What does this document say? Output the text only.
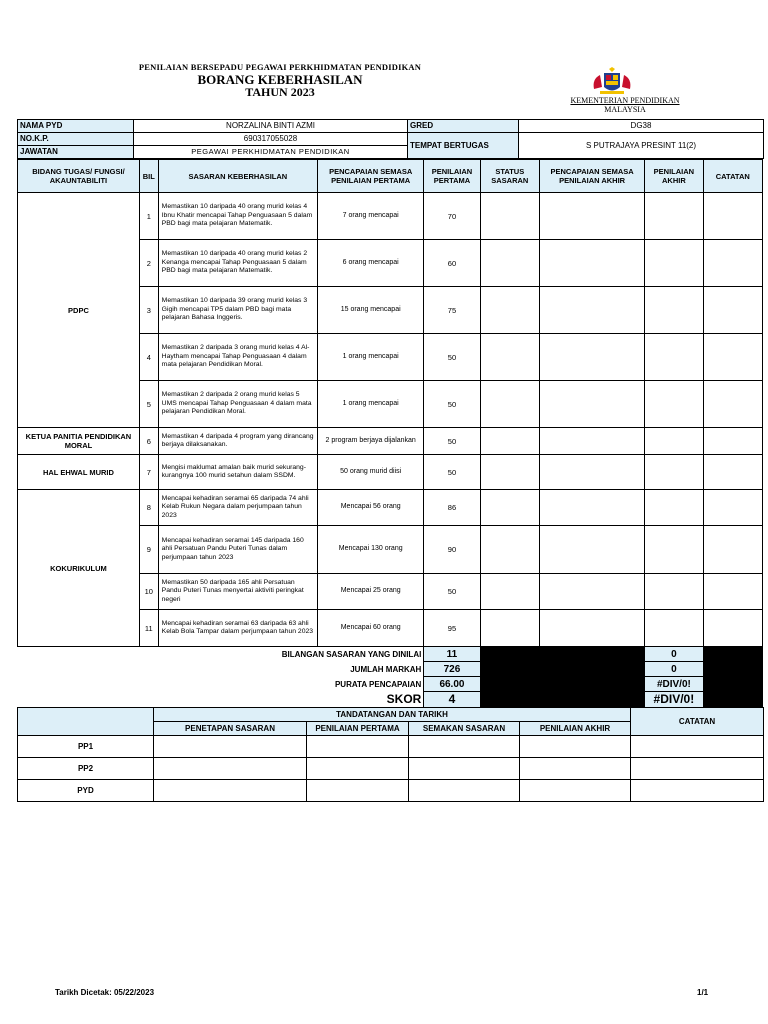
PENILAIAN BERSEPADU PEGAWAI PERKHIDMATAN PENDIDIKAN
BORANG KEBERHASILAN
TAHUN 2023
KEMENTERIAN PENDIDIKAN
MALAYSIA
NAMA PYD	NORZALINA BINTI AZMI	GRED	DG38
NO.K.P.	690317055028	TEMPAT BERTUGAS	S PUTRAJAYA PRESINT 11(2)
JAWATAN	PEGAWAI PERKHIDMATAN PENDIDIKAN		
BIDANG TUGAS/ FUNGSI/ AKAUNTABILITI	BIL	SASARAN KEBERHASILAN	PENCAPAIAN SEMASA PENILAIAN PERTAMA	PENILAIAN PERTAMA	STATUS SASARAN	PENCAPAIAN SEMASA PENILAIAN AKHIR	PENILAIAN AKHIR	CATATAN
PDPC	1	Memastikan 10 daripada 40 orang murid kelas 4 Ibnu Khatir mencapai Tahap Penguasaan 5 dalam PBD bagi mata pelajaran Matematik.	7 orang mencapai	70				
	2	Memastikan 10 daripada 40 orang murid kelas 2 Kenanga mencapai Tahap Penguasaan 5 dalam PBD bagi mata pelajaran Matematik.	6 orang mencapai	60				
	3	Memastikan 10 daripada 39 orang murid kelas 3 Gigih mencapai TP5 dalam PBD bagi mata pelajaran Bahasa Inggeris.	15 orang mencapai	75				
	4	Memastikan 2 daripada 3 orang murid kelas 4 Al-Haytham mencapai Tahap Penguasaan 4 dalam mata pelajaran Pendidikan Moral.	1 orang mencapai	50				
	5	Memastikan 2 daripada 2 orang murid kelas 5 UMS mencapai Tahap Penguasaan 4 dalam mata pelajaran Pendidikan Moral.	1 orang mencapai	50				
KETUA PANITIA PENDIDIKAN MORAL	6	Memastikan 4 daripada 4 program yang dirancang berjaya dilaksanakan.	2 program berjaya dijalankan	50				
HAL EHWAL MURID	7	Mengisi maklumat amalan baik murid sekurang-kurangnya 100 murid setahun dalam SSDM.	50 orang murid diisi	50				
KOKURIKULUM	8	Mencapai kehadiran seramai 65 daripada 74 ahli Kelab Rukun Negara dalam perjumpaan tahun 2023	Mencapai 56 orang	86				
	9	Mencapai kehadiran seramai 145 daripada 160 ahli Persatuan Pandu Puteri Tunas dalam perjumpaan tahun 2023	Mencapai 130 orang	90				
	10	Memastikan 50 daripada 165 ahli Persatuan Pandu Puteri Tunas menyertai aktiviti peringkat negeri	Mencapai 25 orang	50				
	11	Mencapai kehadiran seramai 63 daripada 63 ahli Kelab Bola Tampar dalam perjumpaan tahun 2023	Mencapai 60 orang	95				
BILANGAN SASARAN YANG DINILAI				11			0	
JUMLAH MARKAH				726			0	
PURATA PENCAPAIAN				66.00			#DIV/0!	
SKOR				4			#DIV/0!	
	TANDATANGAN DAN TARIKH				CATATAN
	PENETAPAN SASARAN	PENILAIAN PERTAMA	SEMAKAN SASARAN	PENILAIAN AKHIR	
PP1					
PP2					
PYD					
Tarikh Dicetak: 05/22/2023	1/1
